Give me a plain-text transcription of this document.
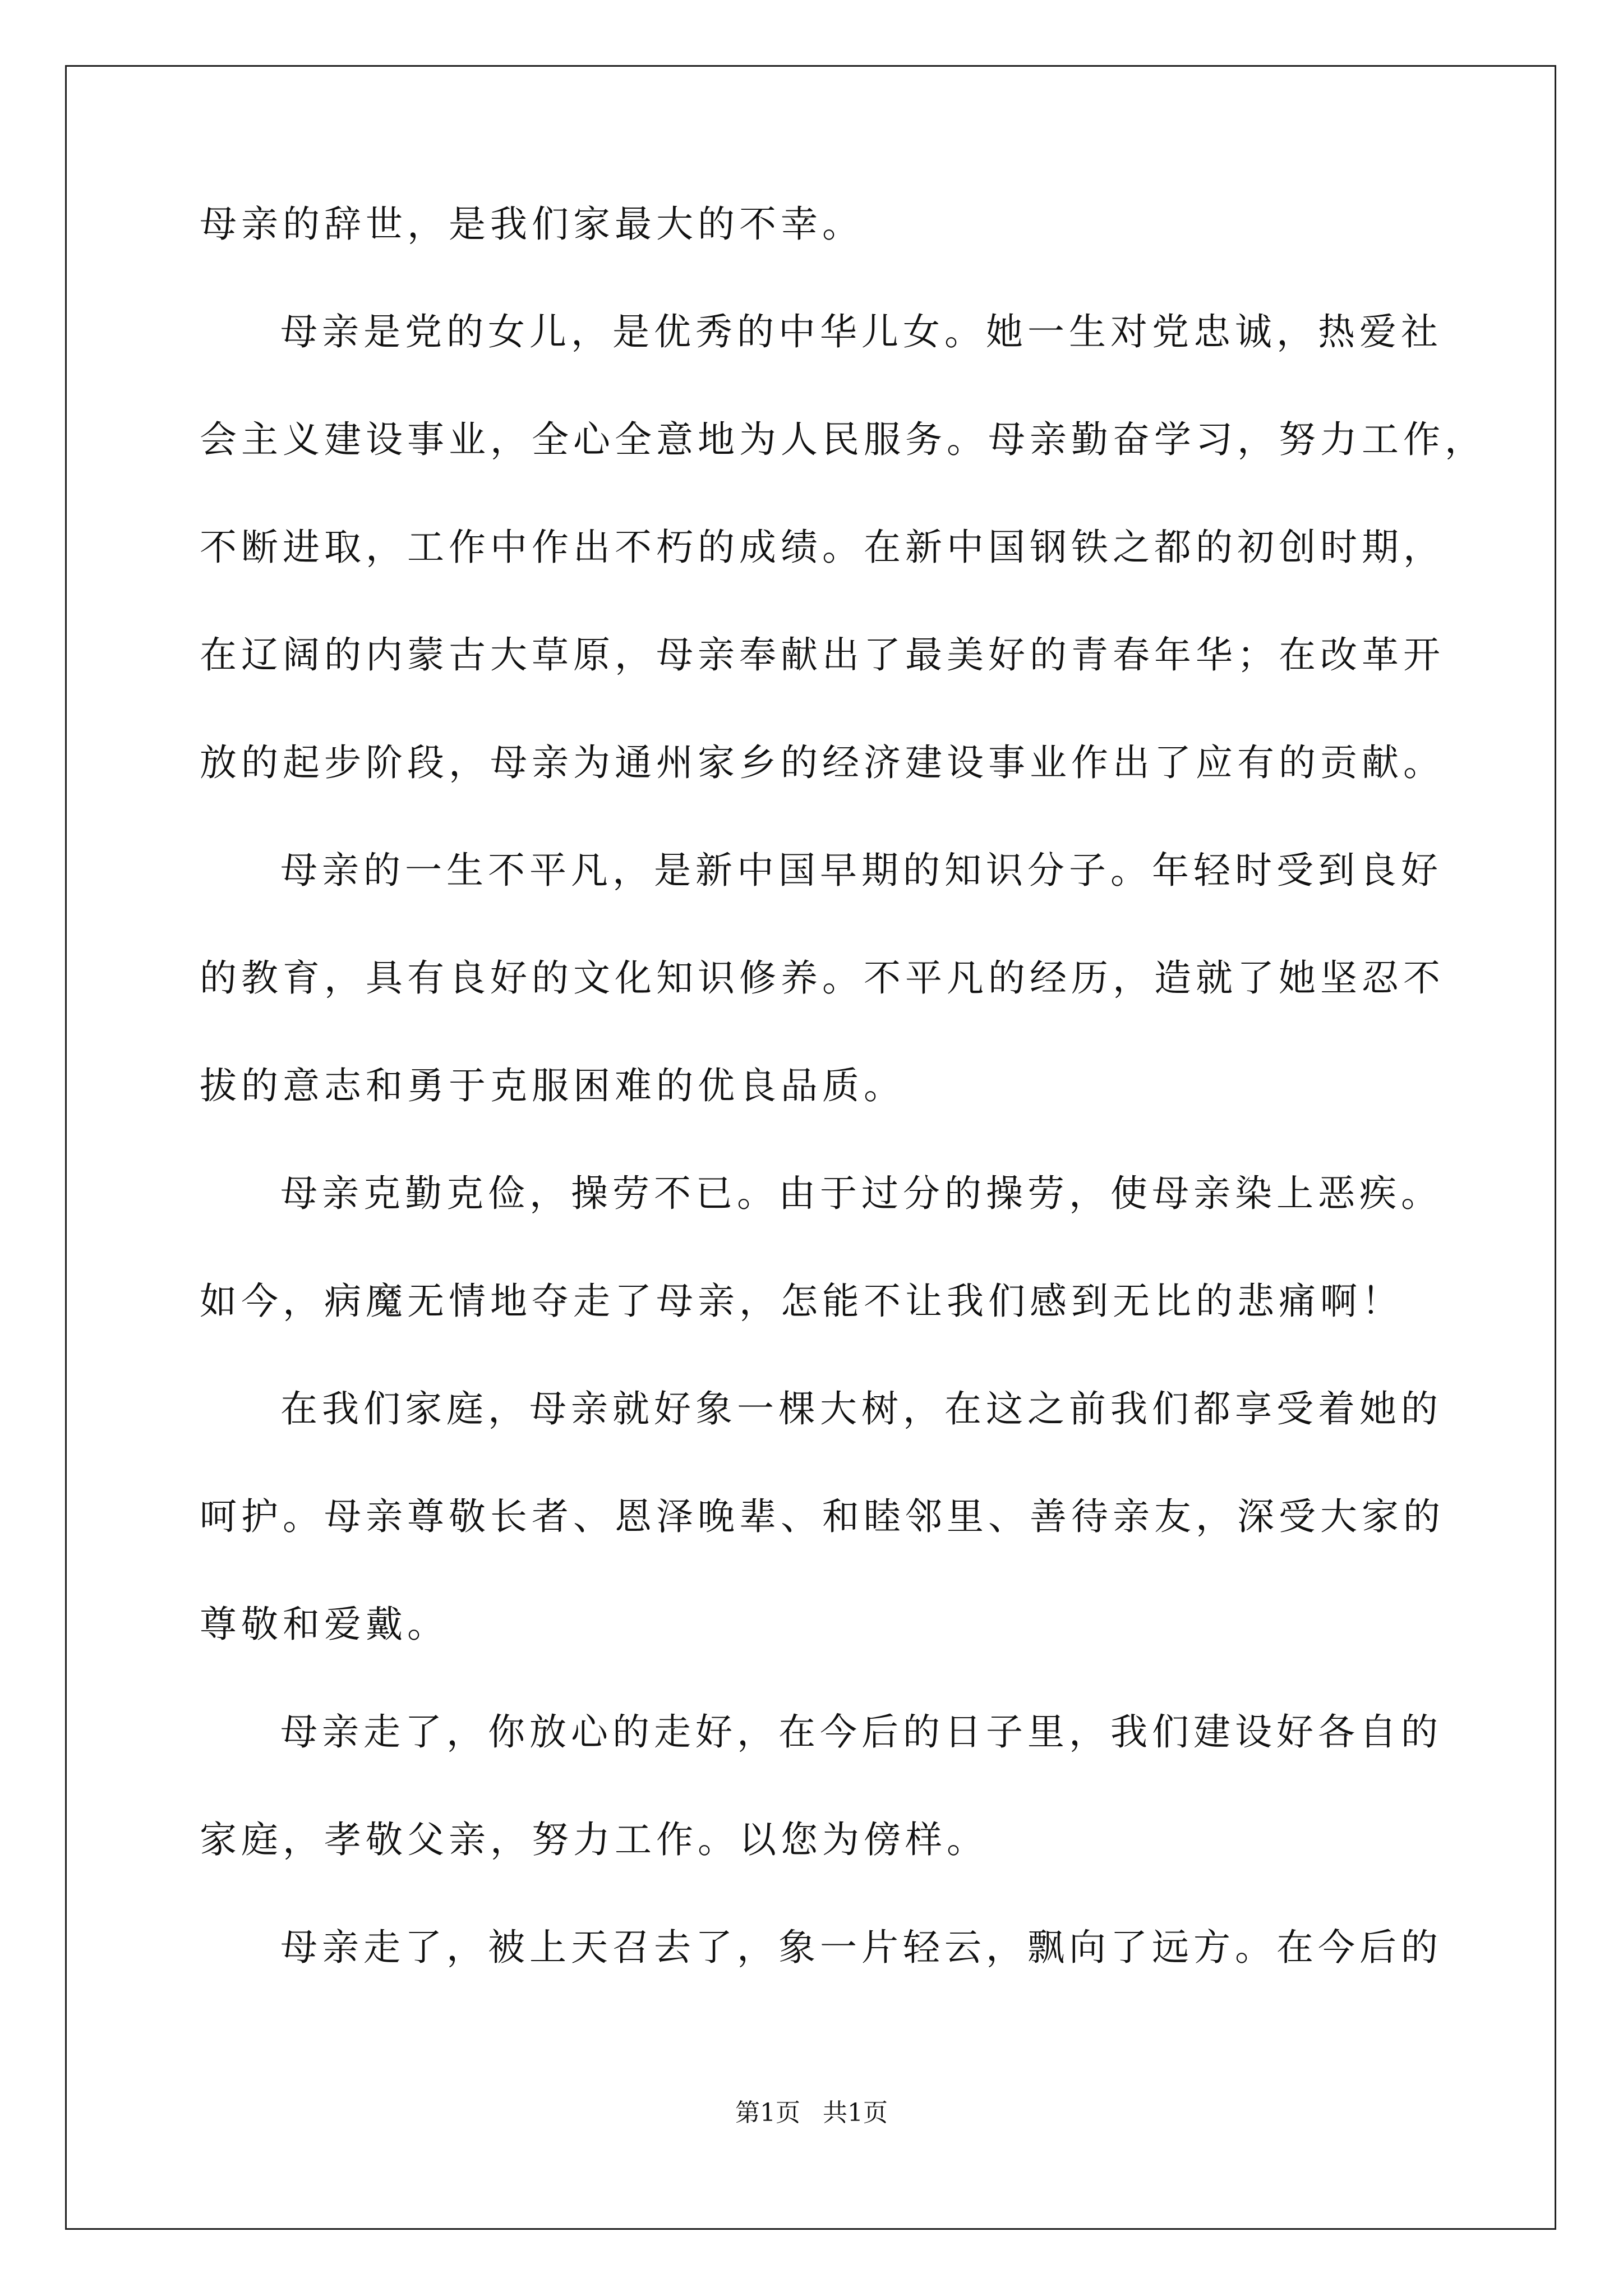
母亲的辞世，是我们家最大的不幸。
母亲是党的女儿，是优秀的中华儿女。她一生对党忠诚，热爱社
会主义建设事业，全心全意地为人民服务。母亲勤奋学习，努力工作，
不断进取，工作中作出不朽的成绩。在新中国钢铁之都的初创时期，
在辽阔的内蒙古大草原，母亲奉献出了最美好的青春年华；在改革开
放的起步阶段，母亲为通州家乡的经济建设事业作出了应有的贡献。
母亲的一生不平凡，是新中国早期的知识分子。年轻时受到良好
的教育，具有良好的文化知识修养。不平凡的经历，造就了她坚忍不
拔的意志和勇于克服困难的优良品质。
母亲克勤克俭，操劳不已。由于过分的操劳，使母亲染上恶疾。
如今，病魔无情地夺走了母亲，怎能不让我们感到无比的悲痛啊！
在我们家庭，母亲就好象一棵大树，在这之前我们都享受着她的
呵护。母亲尊敬长者、恩泽晚辈、和睦邻里、善待亲友，深受大家的
尊敬和爱戴。
母亲走了，你放心的走好，在今后的日子里，我们建设好各自的
家庭，孝敬父亲，努力工作。以您为傍样。
母亲走了，被上天召去了，象一片轻云，飘向了远方。在今后的
第1页 共1页
